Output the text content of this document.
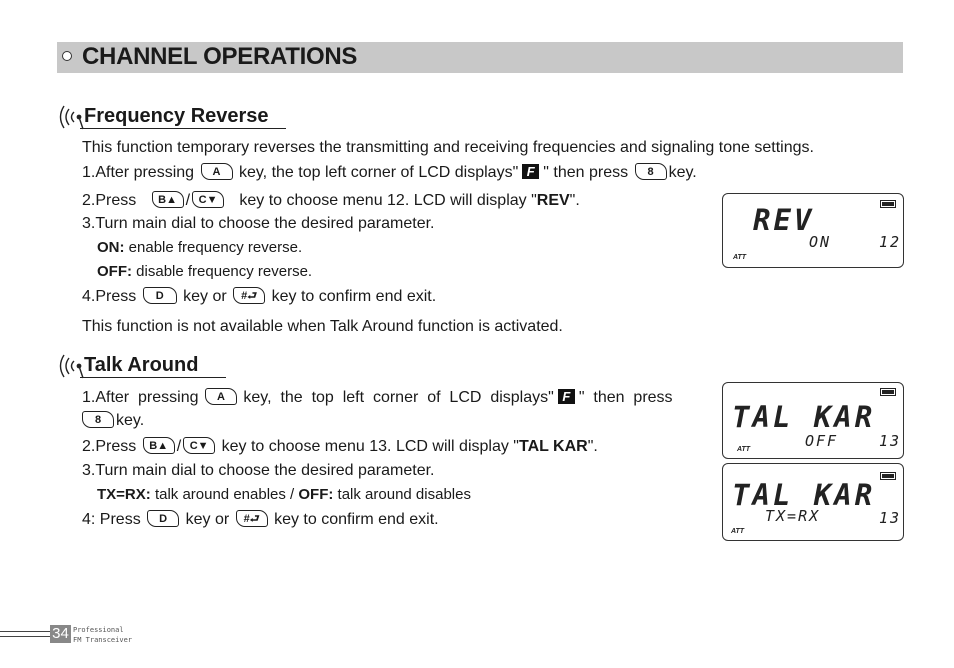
CHANNEL OPERATIONS
Frequency Reverse
This function temporary reverses the transmitting and receiving frequencies and signaling tone settings.
1.After pressing A key, the top left corner of LCD displays" F " then press 8 key.
2.Press B▲ / C▼ key to choose menu 12. LCD will display "REV".
3.Turn main dial to choose the desired parameter.
ON: enable frequency reverse.
OFF: disable frequency reverse.
4.Press D key or #⮐ key to confirm end exit.
This function is not available when Talk Around function is activated.
REV
ON	12
ATT
Talk Around
1.After  pressing A key,  the  top  left  corner  of  LCD  displays" F "  then  press
8 key.
2.Press B▲ / C▼ key to choose menu 13. LCD will display "TAL KAR".
3.Turn main dial to choose the desired parameter.
TX=RX: talk around enables / OFF: talk around disables
4: Press D key or #⮐ key to confirm end exit.
TAL KAR
OFF	13
ATT
TAL KAR
TX=RX	13
ATT
34 Professional
FM Transceiver
